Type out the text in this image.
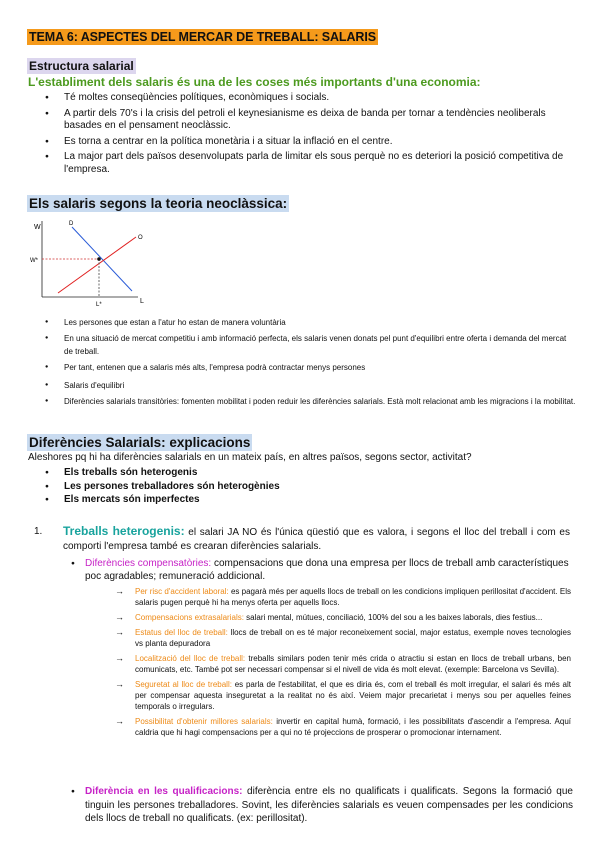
TEMA 6: ASPECTES DEL MERCAR DE TREBALL: SALARIS
Estructura salarial
L'establiment dels salaris és una de les coses més importants d'una economia:
● Té moltes conseqüències polítiques, econòmiques i socials.
● A partir dels 70's i la crisis del petroli el keynesianisme es deixa de banda per tornar a tendències neoliberals basades en el pensament neoclàssic.
● Es torna a centrar en la política monetària i a situar la inflació en el centre.
● La major part dels països desenvolupats parla de limitar els sous perquè no es deteriori la posició competitiva de l'empresa.
Els salaris segons la teoria neoclàssica:
W
L
D
O
W*
L*
● Les persones que estan a l'atur ho estan de manera voluntària
● En una situació de mercat competitiu i amb informació perfecta, els salaris venen donats pel punt d'equilibri entre oferta i demanda del mercat de treball.
● Per tant, entenen que a salaris més alts, l'empresa podrà contractar menys persones
● Salaris d'equilibri
● Diferències salarials transitòries: fomenten mobilitat i poden reduir les diferències salarials. Està molt relacionat amb les migracions i la mobilitat.
Diferències Salarials: explicacions
Aleshores pq hi ha diferències salarials en un mateix país, en altres països, segons sector, activitat?
● Els treballs són heterogenis
● Les persones treballadores són heterogènies
● Els mercats són imperfectes
1.	Treballs heterogenis: el salari JA NO és l'única qüestió que es valora, i segons el lloc del treball i com es comporti l'empresa també es crearan diferències salarials.
● Diferències compensatòries: compensacions que dona una empresa per llocs de treball amb característiques poc agradables; remuneració addicional.
→ Per risc d'accident laboral: es pagarà més per aquells llocs de treball on les condicions impliquen perillositat d'accident. Els salaris pugen perquè hi ha menys oferta per aquells llocs.
→ Compensacions extrasalarials: salari mental, mútues, conciliació, 100% del sou a les baixes laborals, dies festius...
→ Estatus del lloc de treball: llocs de treball on es té major reconeixement social, major estatus, exemple noves tecnologies vs planta depuradora
→ Localització del lloc de treball: treballs similars poden tenir més crida o atractiu si estan en llocs de treball urbans, ben comunicats, etc. També pot ser necessari compensar si el nivell de vida és molt elevat. (exemple: Barcelona vs Sevilla).
→ Seguretat al lloc de treball: es parla de l'estabilitat, el que es diria és, com el treball és molt irregular, el salari és més alt per compensar aquesta inseguretat a la realitat no és així. Veiem major precarietat i menys sou per aquelles feines temporals o irregulars.
→ Possibilitat d'obtenir millores salarials: invertir en capital humà, formació, i les possibilitats d'ascendir a l'empresa. Aquí caldria que hi hagi compensacions per a qui no té projeccions de prosperar o promocionar internament.
● Diferència en les qualificacions: diferència entre els no qualificats i qualificats. Segons la formació que tinguin les persones treballadores. Sovint, les diferències salarials es veuen compensades per les condicions dels llocs de treball no qualificats. (ex: perillositat).
